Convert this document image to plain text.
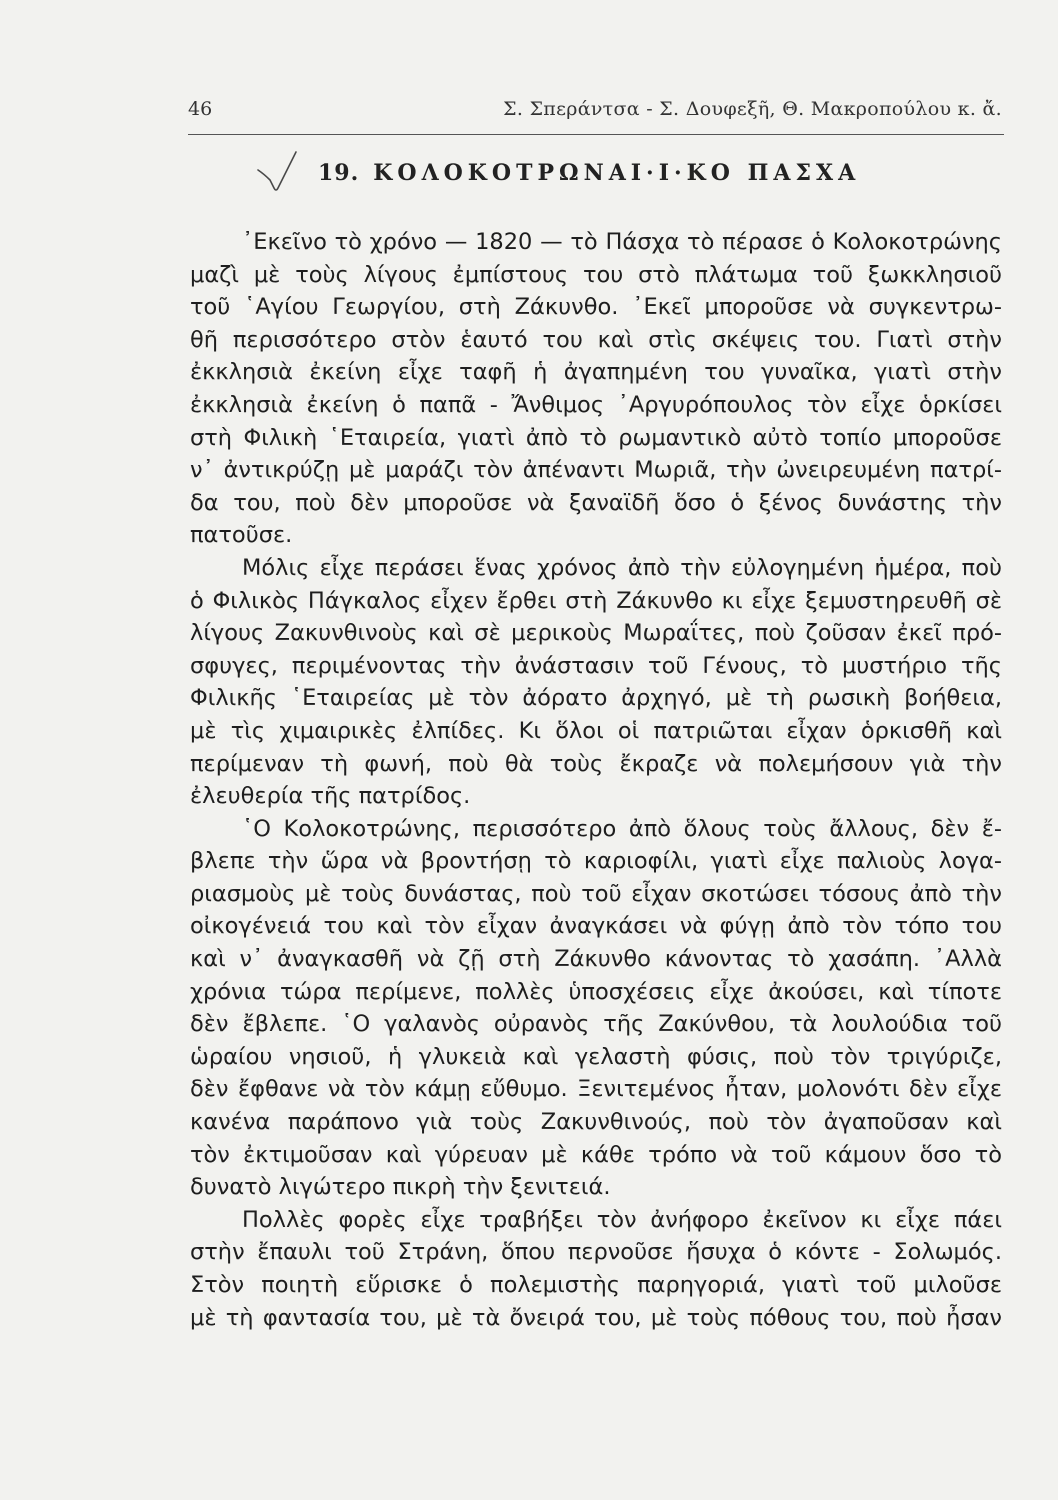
46	Σ. Σπεράντσα - Σ. Δουφεξῆ, Θ. Μακροπούλου κ. ἄ.
19. ΚΟΛΟΚΟΤΡΩΝΑΙ·Ι·ΚΟ ΠΑΣΧΑ
᾿Εκεῖνο τὸ χρόνο — 1820 — τὸ Πάσχα τὸ πέρασε ὁ Κολοκοτρώνης
μαζὶ μὲ τοὺς λίγους ἐμπίστους του στὸ πλάτωμα τοῦ ξωκκλησιοῦ
τοῦ ῾Αγίου Γεωργίου, στὴ Ζάκυνθο. ᾿Εκεῖ μποροῦσε νὰ συγκεντρω-
θῆ περισσότερο στὸν ἑαυτό του καὶ στὶς σκέψεις του. Γιατὶ στὴν
ἐκκλησιὰ ἐκείνη εἶχε ταφῆ ἡ ἀγαπημένη του γυναῖκα, γιατὶ στὴν
ἐκκλησιὰ ἐκείνη ὁ παπᾶ - Ἄνθιμος ᾿Αργυρόπουλος τὸν εἶχε ὁρκίσει
στὴ Φιλικὴ ῾Εταιρεία, γιατὶ ἀπὸ τὸ ρωμαντικὸ αὐτὸ τοπίο μποροῦσε
ν᾿ ἀντικρύζῃ μὲ μαράζι τὸν ἀπέναντι Μωριᾶ, τὴν ὠνειρευμένη πατρί-
δα του, ποὺ δὲν μποροῦσε νὰ ξαναϊδῆ ὅσο ὁ ξένος δυνάστης τὴν
πατοῦσε.
Μόλις εἶχε περάσει ἕνας χρόνος ἀπὸ τὴν εὐλογημένη ἡμέρα, ποὺ
ὁ Φιλικὸς Πάγκαλος εἶχεν ἔρθει στὴ Ζάκυνθο κι εἶχε ξεμυστηρευθῆ σὲ
λίγους Ζακυνθινοὺς καὶ σὲ μερικοὺς Μωραΐτες, ποὺ ζοῦσαν ἐκεῖ πρό-
σφυγες, περιμένοντας τὴν ἀνάστασιν τοῦ Γένους, τὸ μυστήριο τῆς
Φιλικῆς ῾Εταιρείας μὲ τὸν ἀόρατο ἀρχηγό, μὲ τὴ ρωσικὴ βοήθεια,
μὲ τὶς χιμαιρικὲς ἐλπίδες. Κι ὅλοι οἱ πατριῶται εἶχαν ὁρκισθῆ καὶ
περίμεναν τὴ φωνή, ποὺ θὰ τοὺς ἔκραζε νὰ πολεμήσουν γιὰ τὴν
ἐλευθερία τῆς πατρίδος.
῾Ο Κολοκοτρώνης, περισσότερο ἀπὸ ὅλους τοὺς ἄλλους, δὲν ἔ-
βλεπε τὴν ὥρα νὰ βροντήσῃ τὸ καριοφίλι, γιατὶ εἶχε παλιοὺς λογα-
ριασμοὺς μὲ τοὺς δυνάστας, ποὺ τοῦ εἶχαν σκοτώσει τόσους ἀπὸ τὴν
οἰκογένειά του καὶ τὸν εἶχαν ἀναγκάσει νὰ φύγῃ ἀπὸ τὸν τόπο του
καὶ ν᾿ ἀναγκασθῆ νὰ ζῇ στὴ Ζάκυνθο κάνοντας τὸ χασάπη. ᾿Αλλὰ
χρόνια τώρα περίμενε, πολλὲς ὑποσχέσεις εἶχε ἀκούσει, καὶ τίποτε
δὲν ἔβλεπε. ῾Ο γαλανὸς οὐρανὸς τῆς Ζακύνθου, τὰ λουλούδια τοῦ
ὡραίου νησιοῦ, ἡ γλυκειὰ καὶ γελαστὴ φύσις, ποὺ τὸν τριγύριζε,
δὲν ἔφθανε νὰ τὸν κάμῃ εὔθυμο. Ξενιτεμένος ἦταν, μολονότι δὲν εἶχε
κανένα παράπονο γιὰ τοὺς Ζακυνθινούς, ποὺ τὸν ἀγαποῦσαν καὶ
τὸν ἐκτιμοῦσαν καὶ γύρευαν μὲ κάθε τρόπο νὰ τοῦ κάμουν ὅσο τὸ
δυνατὸ λιγώτερο πικρὴ τὴν ξενιτειά.
Πολλὲς φορὲς εἶχε τραβήξει τὸν ἀνήφορο ἐκεῖνον κι εἶχε πάει
στὴν ἔπαυλι τοῦ Στράνη, ὅπου περνοῦσε ἥσυχα ὁ κόντε - Σολωμός.
Στὸν ποιητὴ εὕρισκε ὁ πολεμιστὴς παρηγοριά, γιατὶ τοῦ μιλοῦσε
μὲ τὴ φαντασία του, μὲ τὰ ὄνειρά του, μὲ τοὺς πόθους του, ποὺ ἦσαν
